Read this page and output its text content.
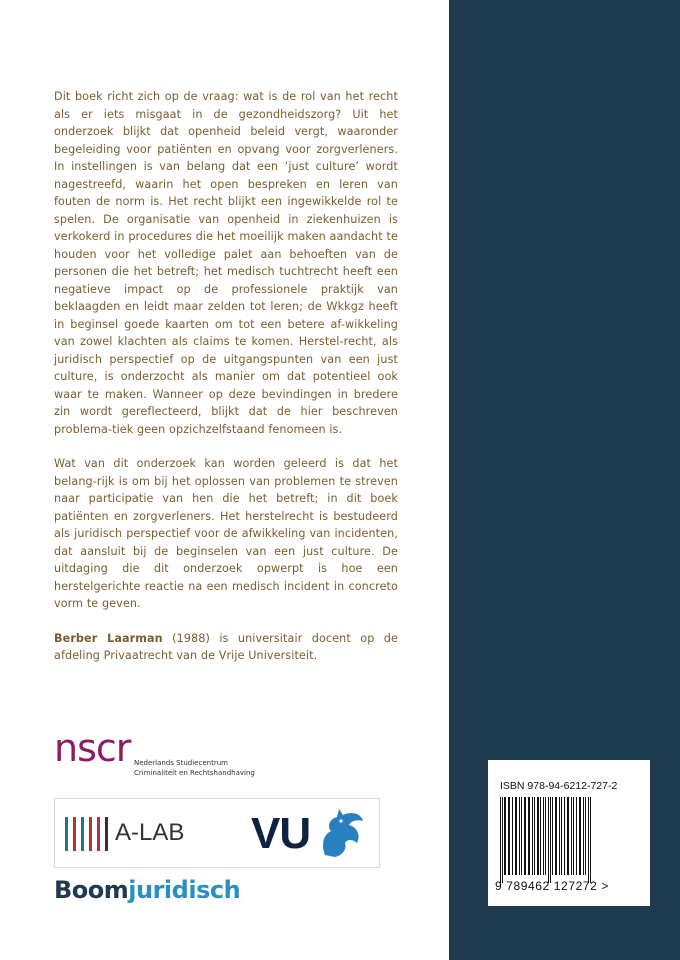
Dit boek richt zich op de vraag: wat is de rol van het recht als er iets misgaat in de gezondheidszorg? Uit het onderzoek blijkt dat openheid beleid vergt, waaronder begeleiding voor patiënten en opvang voor zorgverleners. In instellingen is van belang dat een ‘just culture’ wordt nagestreefd, waarin het open bespreken en leren van fouten de norm is. Het recht blijkt een ingewikkelde rol te spelen. De organisatie van openheid in ziekenhuizen is verkokerd in procedures die het moeilijk maken aandacht te houden voor het volledige palet aan behoeften van de personen die het betreft; het medisch tuchtrecht heeft een negatieve impact op de professionele praktijk van beklaagden en leidt maar zelden tot leren; de Wkkgz heeft in beginsel goede kaarten om tot een betere af-wikkeling van zowel klachten als claims te komen. Herstel-recht, als juridisch perspectief op de uitgangspunten van een just culture, is onderzocht als manier om dat potentieel ook waar te maken. Wanneer op deze bevindingen in bredere zin wordt gereflecteerd, blijkt dat de hier beschreven problema-tiek geen opzichzelfstaand fenomeen is.

Wat van dit onderzoek kan worden geleerd is dat het belang-rijk is om bij het oplossen van problemen te streven naar participatie van hen die het betreft; in dit boek patiënten en zorgverleners. Het herstelrecht is bestudeerd als juridisch perspectief voor de afwikkeling van incidenten, dat aansluit bij de beginselen van een just culture. De uitdaging die dit onderzoek opwerpt is hoe een herstelgerichte reactie na een medisch incident in concreto vorm te geven.

Berber Laarman (1988) is universitair docent op de afdeling Privaatrecht van de Vrije Universiteit.

nscr Nederlands Studiecentrum
Criminaliteit en Rechtshandhaving
A-LAB VU
Boomjuridisch
ISBN 978-94-6212-727-2
9 789462 127272 >
